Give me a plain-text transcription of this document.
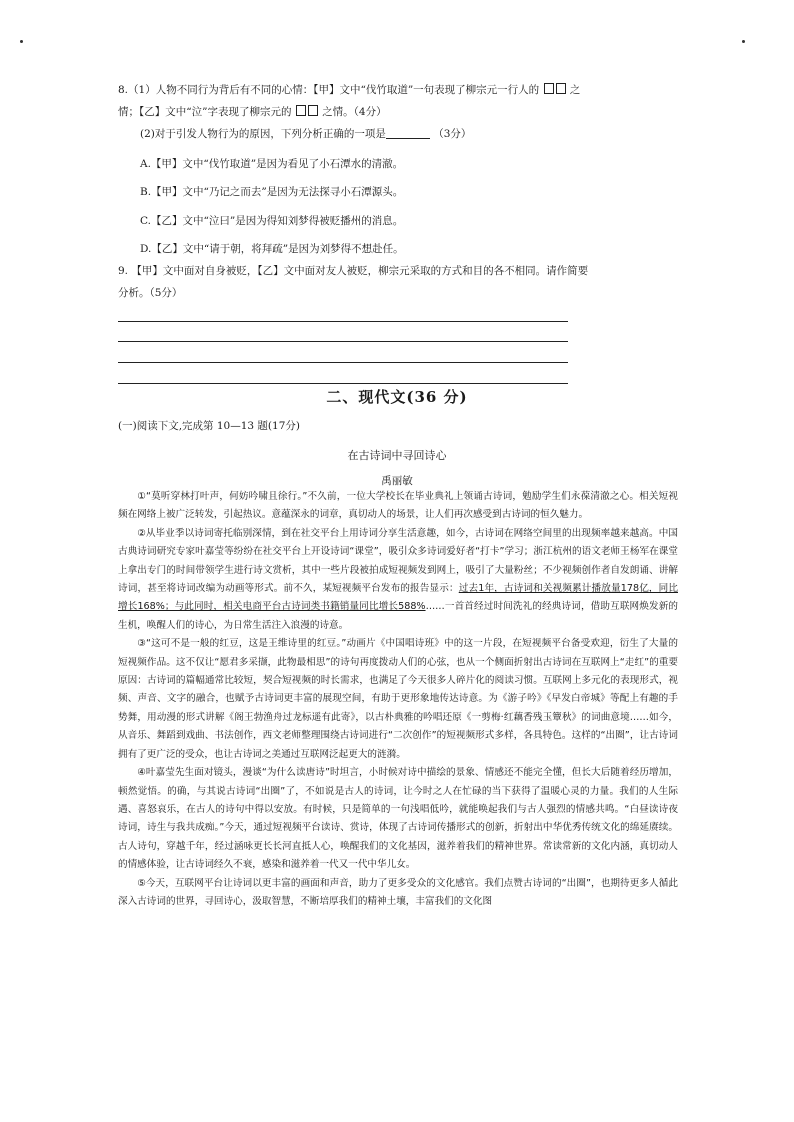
8.（1）人物不同行为背后有不同的心情：【甲】文中“伐竹取道”一句表现了柳宗元一行人的	之
情；【乙】文中“泣”字表现了柳宗元的	之情。（4分）
(2)对于引发人物行为的原因，下列分析正确的一项是	（3分）
A.【甲】文中“伐竹取道”是因为看见了小石潭水的清澈。
B.【甲】文中“乃记之而去”是因为无法探寻小石潭源头。
C.【乙】文中“泣曰”是因为得知刘梦得被贬播州的消息。
D.【乙】文中“请于朝，将拜疏”是因为刘梦得不想赴任。
9. 【甲】文中面对自身被贬，【乙】文中面对友人被贬，柳宗元采取的方式和目的各不相同。请作简要
分析。（5分）
二、现代文(36 分)
(一)阅读下文,完成第 10—13 题(17分)
在古诗词中寻回诗心
禹丽敏

①“莫听穿林打叶声，何妨吟啸且徐行。”不久前，一位大学校长在毕业典礼上领诵古诗词，勉励学生们永葆清澈之心。相关短视频在网络上被广泛转发，引起热议。意蕴深永的词章，真切动人的场景，让人们再次感受到古诗词的恒久魅力。

②从毕业季以诗词寄托临别深情，到在社交平台上用诗词分享生活意趣，如今，古诗词在网络空间里的出现频率越来越高。中国古典诗词研究专家叶嘉莹等纷纷在社交平台上开设诗词“课堂”，吸引众多诗词爱好者“打卡”学习；浙江杭州的语文老师王杨军在课堂上拿出专门的时间带领学生进行诗文赏析，其中一些片段被拍成短视频发到网上，吸引了大量粉丝；不少视频创作者自发朗诵、讲解诗词，甚至将诗词改编为动画等形式。前不久，某短视频平台发布的报告显示：过去1年，古诗词和关视频累计播放量178亿，同比增长168%；与此同时，相关电商平台古诗词类书籍销量同比增长588%……一首首经过时间洗礼的经典诗词，借助互联网焕发新的生机，唤醒人们的诗心，为日常生活注入浪漫的诗意。

③“这可不是一般的红豆，这是王维诗里的红豆。”动画片《中国唱诗班》中的这一片段，在短视频平台备受欢迎，衍生了大量的短视频作品。这不仅让“愿君多采撷，此物最相思”的诗句再度拨动人们的心弦，也从一个侧面折射出古诗词在互联网上“走红”的重要原因：古诗词的篇幅通常比较短，契合短视频的时长需求，也满足了今天很多人碎片化的阅读习惯。互联网上多元化的表现形式，视频、声音、文字的融合，也赋予古诗词更丰富的展现空间，有助于更形象地传达诗意。为《游子吟》《早发白帝城》等配上有趣的手势舞，用动漫的形式讲解《阁王勃渔舟过龙标遥有此寄》，以古朴典雅的吟唱还原《一剪梅·红藕香残玉簟秋》的词曲意境……如今，从音乐、舞蹈到戏曲、书法创作，西文老师整理围绕古诗词进行“二次创作”的短视频形式多样，各具特色。这样的“出圈”，让古诗词拥有了更广泛的受众，也让古诗词之美通过互联网泛起更大的涟漪。

④叶嘉莹先生面对镜头，漫谈“为什么读唐诗”时坦言，小时候对诗中描绘的景象、情感还不能完全懂，但长大后随着经历增加，顿然觉悟。的确，与其说古诗词“出圈”了，不如说是古人的诗词，让今时之人在忙碌的当下获得了温暖心灵的力量。我们的人生际遇、喜怒哀乐，在古人的诗句中得以安放。有时候，只是简单的一句浅唱低吟，就能唤起我们与古人强烈的情感共鸣。“白昼读诗夜诗词，诗生与我共成痴。”今天，通过短视频平台读诗、赏诗，体现了古诗词传播形式的创新，折射出中华优秀传统文化的绵延赓续。古人诗句，穿越千年，经过涵咏更长长河直抵人心，唤醒我们的文化基因，滋养着我们的精神世界。常读常新的文化内涵，真切动人的情感体验，让古诗词经久不衰，感染和滋养着一代又一代中华儿女。

⑤今天，互联网平台让诗词以更丰富的画面和声音，助力了更多受众的文化感官。我们点赞古诗词的“出圈”，也期待更多人循此深入古诗词的世界，寻回诗心，汲取智慧，不断培厚我们的精神土壤，丰富我们的文化图
